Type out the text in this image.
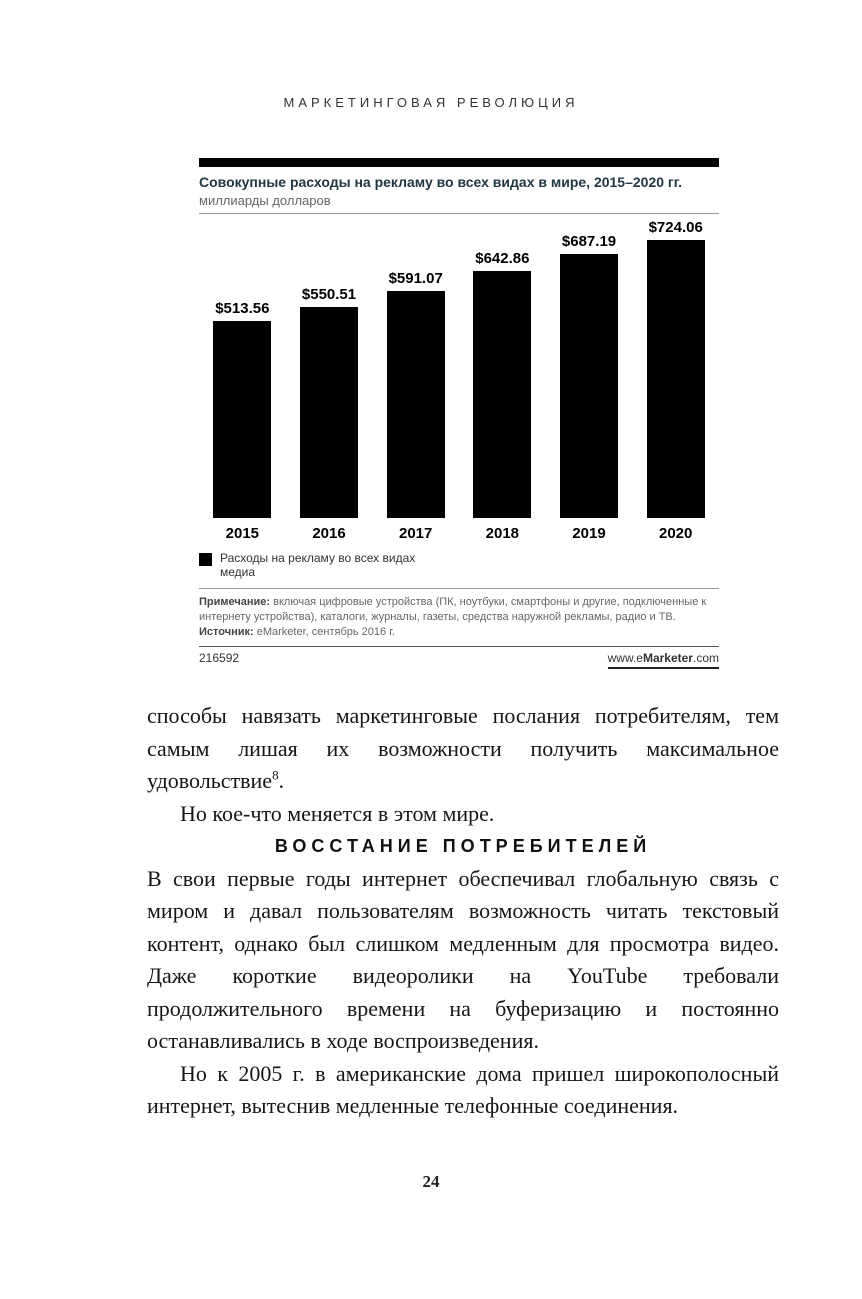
МАРКЕТИНГОВАЯ РЕВОЛЮЦИЯ
Совокупные расходы на рекламу во всех видах в мире, 2015–2020 гг.
миллиарды долларов
$513.56
2015
$550.51
2016
$591.07
2017
$642.86
2018
$687.19
2019
$724.06
2020
Расходы на рекламу во всех видах медиа
Примечание: включая цифровые устройства (ПК, ноутбуки, смартфоны и другие, подключенные к интернету устройства), каталоги, журналы, газеты, средства наружной рекламы, радио и ТВ.
Источник: eMarketer, сентябрь 2016 г.
216592	www.eMarketer.com

способы навязать маркетинговые послания потребителям, тем самым лишая их возможности получить максимальное удовольствие$^8$.

Но кое-что меняется в этом мире.

ВОССТАНИЕ ПОТРЕБИТЕЛЕЙ

В свои первые годы интернет обеспечивал глобальную связь с миром и давал пользователям возможность читать текстовый контент, однако был слишком медленным для просмотра видео. Даже короткие видеоролики на YouTube требовали продолжительного времени на буферизацию и постоянно останавливались в ходе воспроизведения.

Но к 2005 г. в американские дома пришел широкополосный интернет, вытеснив медленные телефонные соединения.

24
